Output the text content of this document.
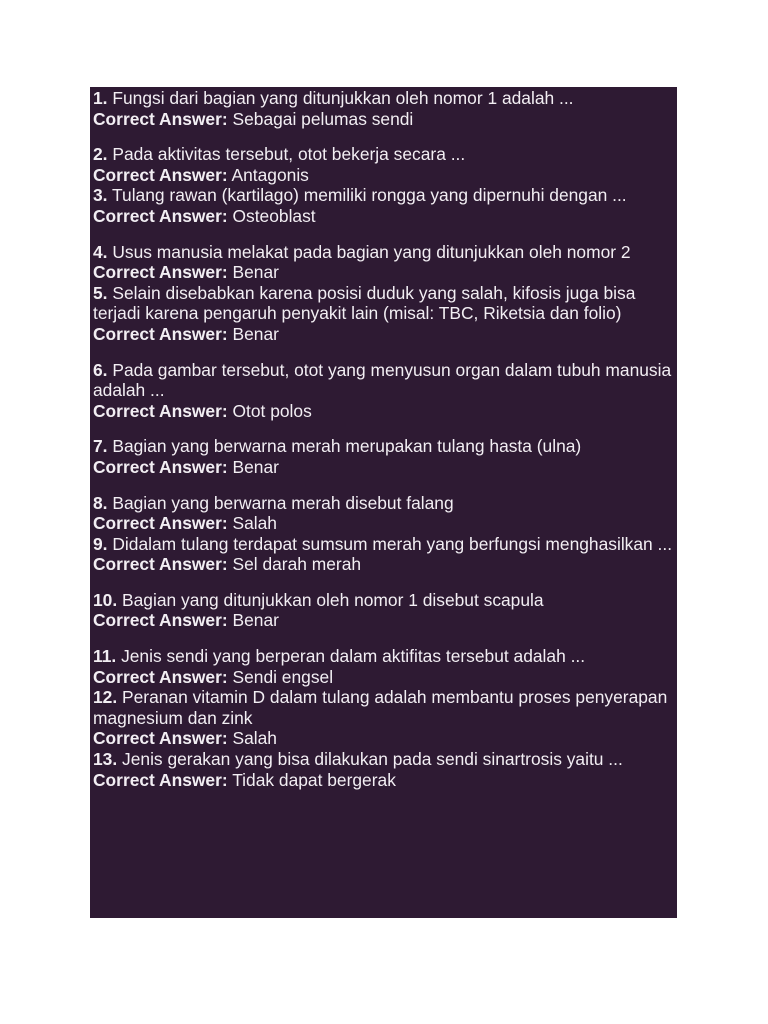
1. Fungsi dari bagian yang ditunjukkan oleh nomor 1 adalah ...
Correct Answer: Sebagai pelumas sendi
2. Pada aktivitas tersebut, otot bekerja secara ...
Correct Answer: Antagonis
3. Tulang rawan (kartilago) memiliki rongga yang dipernuhi dengan ...
Correct Answer: Osteoblast
4. Usus manusia melakat pada bagian yang ditunjukkan oleh nomor 2
Correct Answer: Benar
5. Selain disebabkan karena posisi duduk yang salah, kifosis juga bisa terjadi karena pengaruh penyakit lain (misal: TBC, Riketsia dan folio)
Correct Answer: Benar
6. Pada gambar tersebut, otot yang menyusun organ dalam tubuh manusia adalah ...
Correct Answer: Otot polos
7. Bagian yang berwarna merah merupakan tulang hasta (ulna)
Correct Answer: Benar
8. Bagian yang berwarna merah disebut falang
Correct Answer: Salah
9. Didalam tulang terdapat sumsum merah yang berfungsi menghasilkan ...
Correct Answer: Sel darah merah
10. Bagian yang ditunjukkan oleh nomor 1 disebut scapula
Correct Answer: Benar
11. Jenis sendi yang berperan dalam aktifitas tersebut adalah ...
Correct Answer: Sendi engsel
12. Peranan vitamin D dalam tulang adalah membantu proses penyerapan magnesium dan zink
Correct Answer: Salah
13. Jenis gerakan yang bisa dilakukan pada sendi sinartrosis yaitu ...
Correct Answer: Tidak dapat bergerak
